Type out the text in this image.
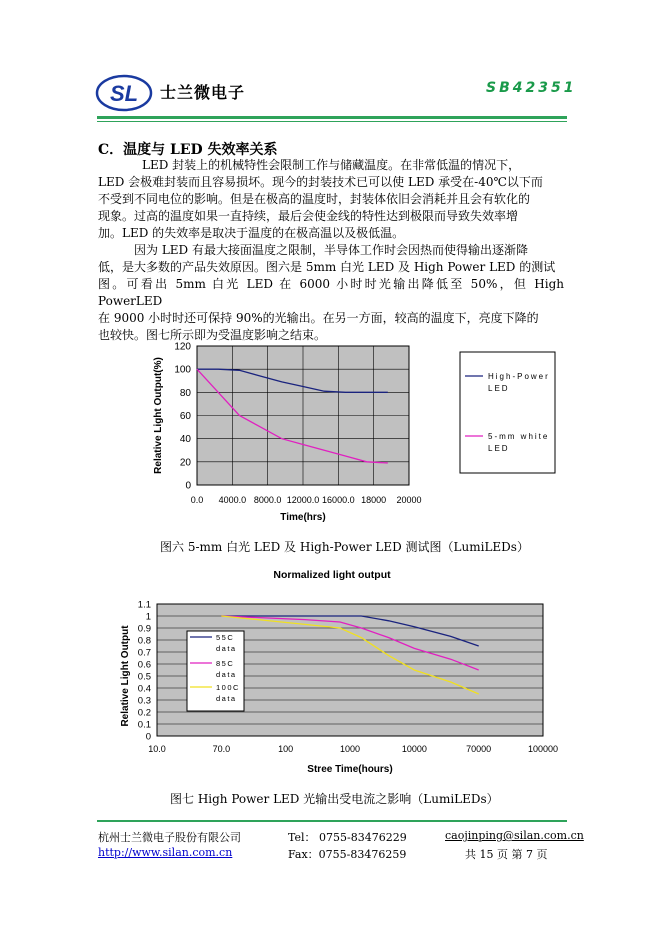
SL 士兰微电子	SB42351
C．温度与 LED 失效率关系
LED 封装上的机械特性会限制工作与储藏温度。在非常低温的情况下，
LED 会极难封装而且容易损坏。现今的封装技术已可以使 LED 承受在-40℃以下而
不受到不同电位的影响。但是在极高的温度时，封装体依旧会消耗并且会有软化的
现象。过高的温度如果一直持续，最后会使金线的特性达到极限而导致失效率增
加。LED 的失效率是取决于温度的在极高温以及极低温。
因为 LED 有最大接面温度之限制，半导体工作时会因热而使得输出逐渐降
低，是大多数的产品失效原因。图六是 5mm 白光 LED 及 High Power LED 的测试
图。可看出 5mm 白光 LED 在 6000 小时时光输出降低至 50%，但 High PowerLED
在 9000 小时时还可保持 90%的光输出。在另一方面，较高的温度下，亮度下降的
也较快。图七所示即为受温度影响之结束。
0
20
40
60
80
100
120
0.0 4000.0 8000.0 12000.0 16000.0 18000 20000
Time(hrs)
Relative Light Output(%)	High-Power
LED
5-mm white
LED
图六 5-mm 白光 LED 及 High-Power LED 测试图（LumiLEDs）
Normalized light output
0
0.1
0.2
0.3
0.4
0.5
0.6
0.7
0.8
0.9
1
1.1
10.0	70.0	100	1000	10000	70000	100000
Stree Time(hours)
Relative Light Output	55C
data
85C
data
100C
data
图七 High Power LED 光输出受电流之影响（LumiLEDs）
杭州士兰微电子股份有限公司
http://www.silan.com.cn
Tel： 0755-83476229
Fax：0755-83476259
caojinping@silan.com.cn
共 15 页 第 7 页
